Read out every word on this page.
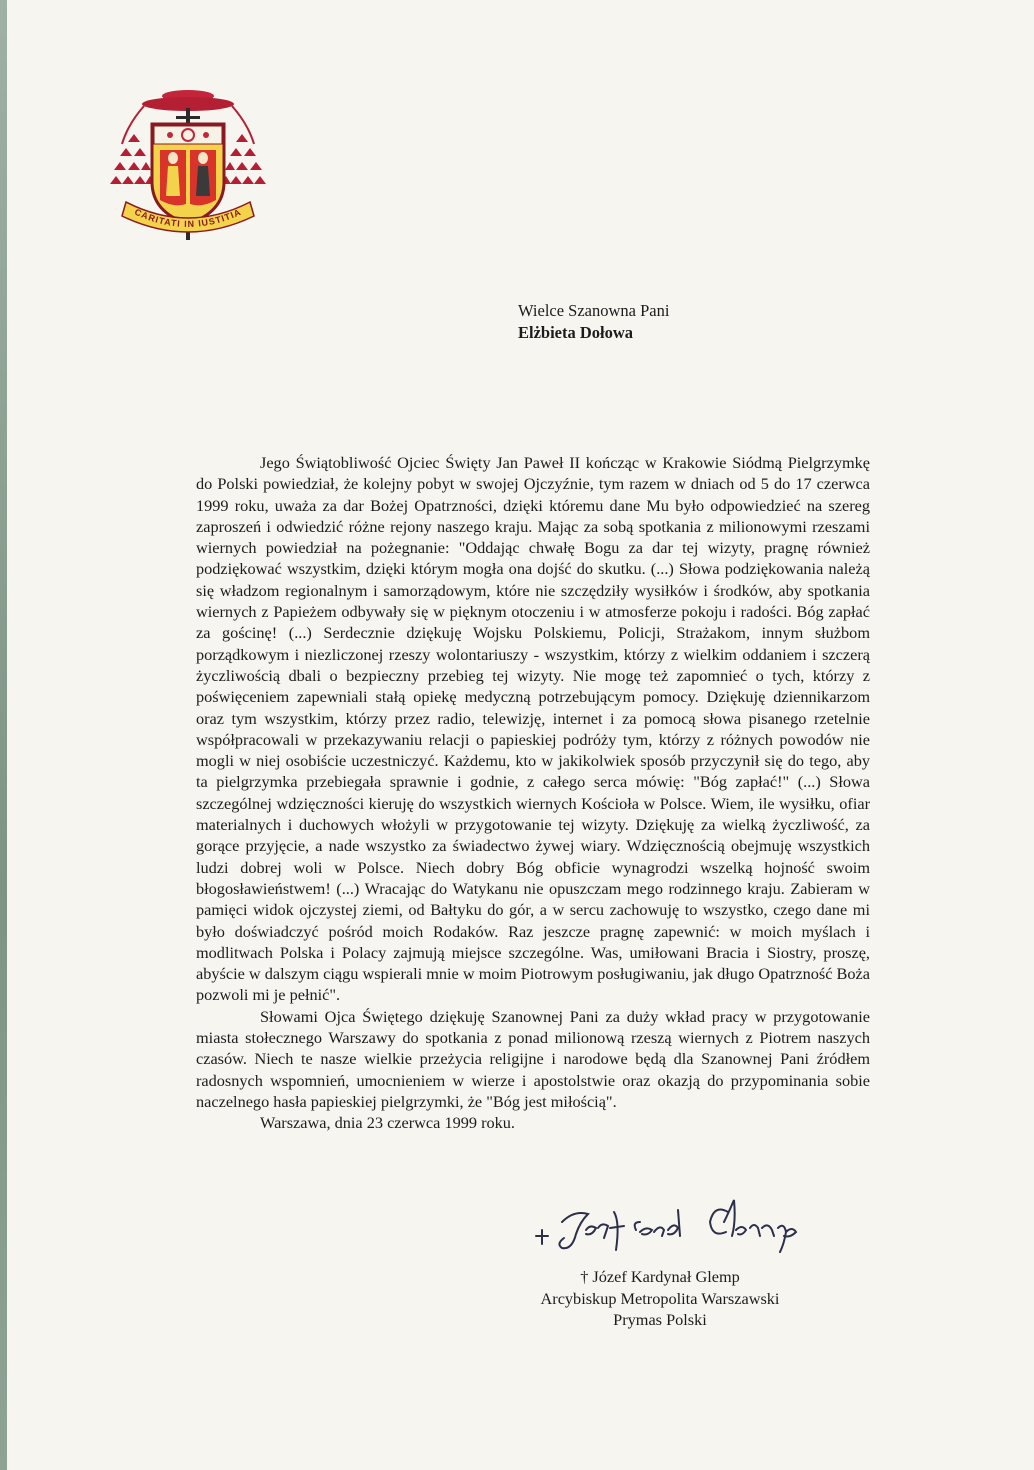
CARITATI IN IUSTITIA
Wielce Szanowna Pani
Elżbieta Dołowa

Jego Świątobliwość Ojciec Święty Jan Paweł II kończąc w Krakowie Siódmą Pielgrzymkę do Polski powiedział, że kolejny pobyt w swojej Ojczyźnie, tym razem w dniach od 5 do 17 czerwca 1999 roku, uważa za dar Bożej Opatrzności, dzięki któremu dane Mu było odpowiedzieć na szereg zaproszeń i odwiedzić różne rejony naszego kraju. Mając za sobą spotkania z milionowymi rzeszami wiernych powiedział na pożegnanie: "Oddając chwałę Bogu za dar tej wizyty, pragnę również podziękować wszystkim, dzięki którym mogła ona dojść do skutku. (...) Słowa podziękowania należą się władzom regionalnym i samorządowym, które nie szczędziły wysiłków i środków, aby spotkania wiernych z Papieżem odbywały się w pięknym otoczeniu i w atmosferze pokoju i radości. Bóg zapłać za gościnę! (...) Serdecznie dziękuję Wojsku Polskiemu, Policji, Strażakom, innym służbom porządkowym i niezliczonej rzeszy wolontariuszy - wszystkim, którzy z wielkim oddaniem i szczerą życzliwością dbali o bezpieczny przebieg tej wizyty. Nie mogę też zapomnieć o tych, którzy z poświęceniem zapewniali stałą opiekę medyczną potrzebującym pomocy. Dziękuję dziennikarzom oraz tym wszystkim, którzy przez radio, telewizję, internet i za pomocą słowa pisanego rzetelnie współpracowali w przekazywaniu relacji o papieskiej podróży tym, którzy z różnych powodów nie mogli w niej osobiście uczestniczyć. Każdemu, kto w jakikolwiek sposób przyczynił się do tego, aby ta pielgrzymka przebiegała sprawnie i godnie, z całego serca mówię: "Bóg zapłać!" (...) Słowa szczególnej wdzięczności kieruję do wszystkich wiernych Kościoła w Polsce. Wiem, ile wysiłku, ofiar materialnych i duchowych włożyli w przygotowanie tej wizyty. Dziękuję za wielką życzliwość, za gorące przyjęcie, a nade wszystko za świadectwo żywej wiary. Wdzięcznością obejmuję wszystkich ludzi dobrej woli w Polsce. Niech dobry Bóg obficie wynagrodzi wszelką hojność swoim błogosławieństwem! (...) Wracając do Watykanu nie opuszczam mego rodzinnego kraju. Zabieram w pamięci widok ojczystej ziemi, od Bałtyku do gór, a w sercu zachowuję to wszystko, czego dane mi było doświadczyć pośród moich Rodaków. Raz jeszcze pragnę zapewnić: w moich myślach i modlitwach Polska i Polacy zajmują miejsce szczególne. Was, umiłowani Bracia i Siostry, proszę, abyście w dalszym ciągu wspierali mnie w moim Piotrowym posługiwaniu, jak długo Opatrzność Boża pozwoli mi je pełnić".

Słowami Ojca Świętego dziękuję Szanownej Pani za duży wkład pracy w przygotowanie miasta stołecznego Warszawy do spotkania z ponad milionową rzeszą wiernych z Piotrem naszych czasów. Niech te nasze wielkie przeżycia religijne i narodowe będą dla Szanownej Pani źródłem radosnych wspomnień, umocnieniem w wierze i apostolstwie oraz okazją do przypominania sobie naczelnego hasła papieskiej pielgrzymki, że "Bóg jest miłością".

Warszawa, dnia 23 czerwca 1999 roku.

† Józef Kardynał Glemp
Arcybiskup Metropolita Warszawski
Prymas Polski
